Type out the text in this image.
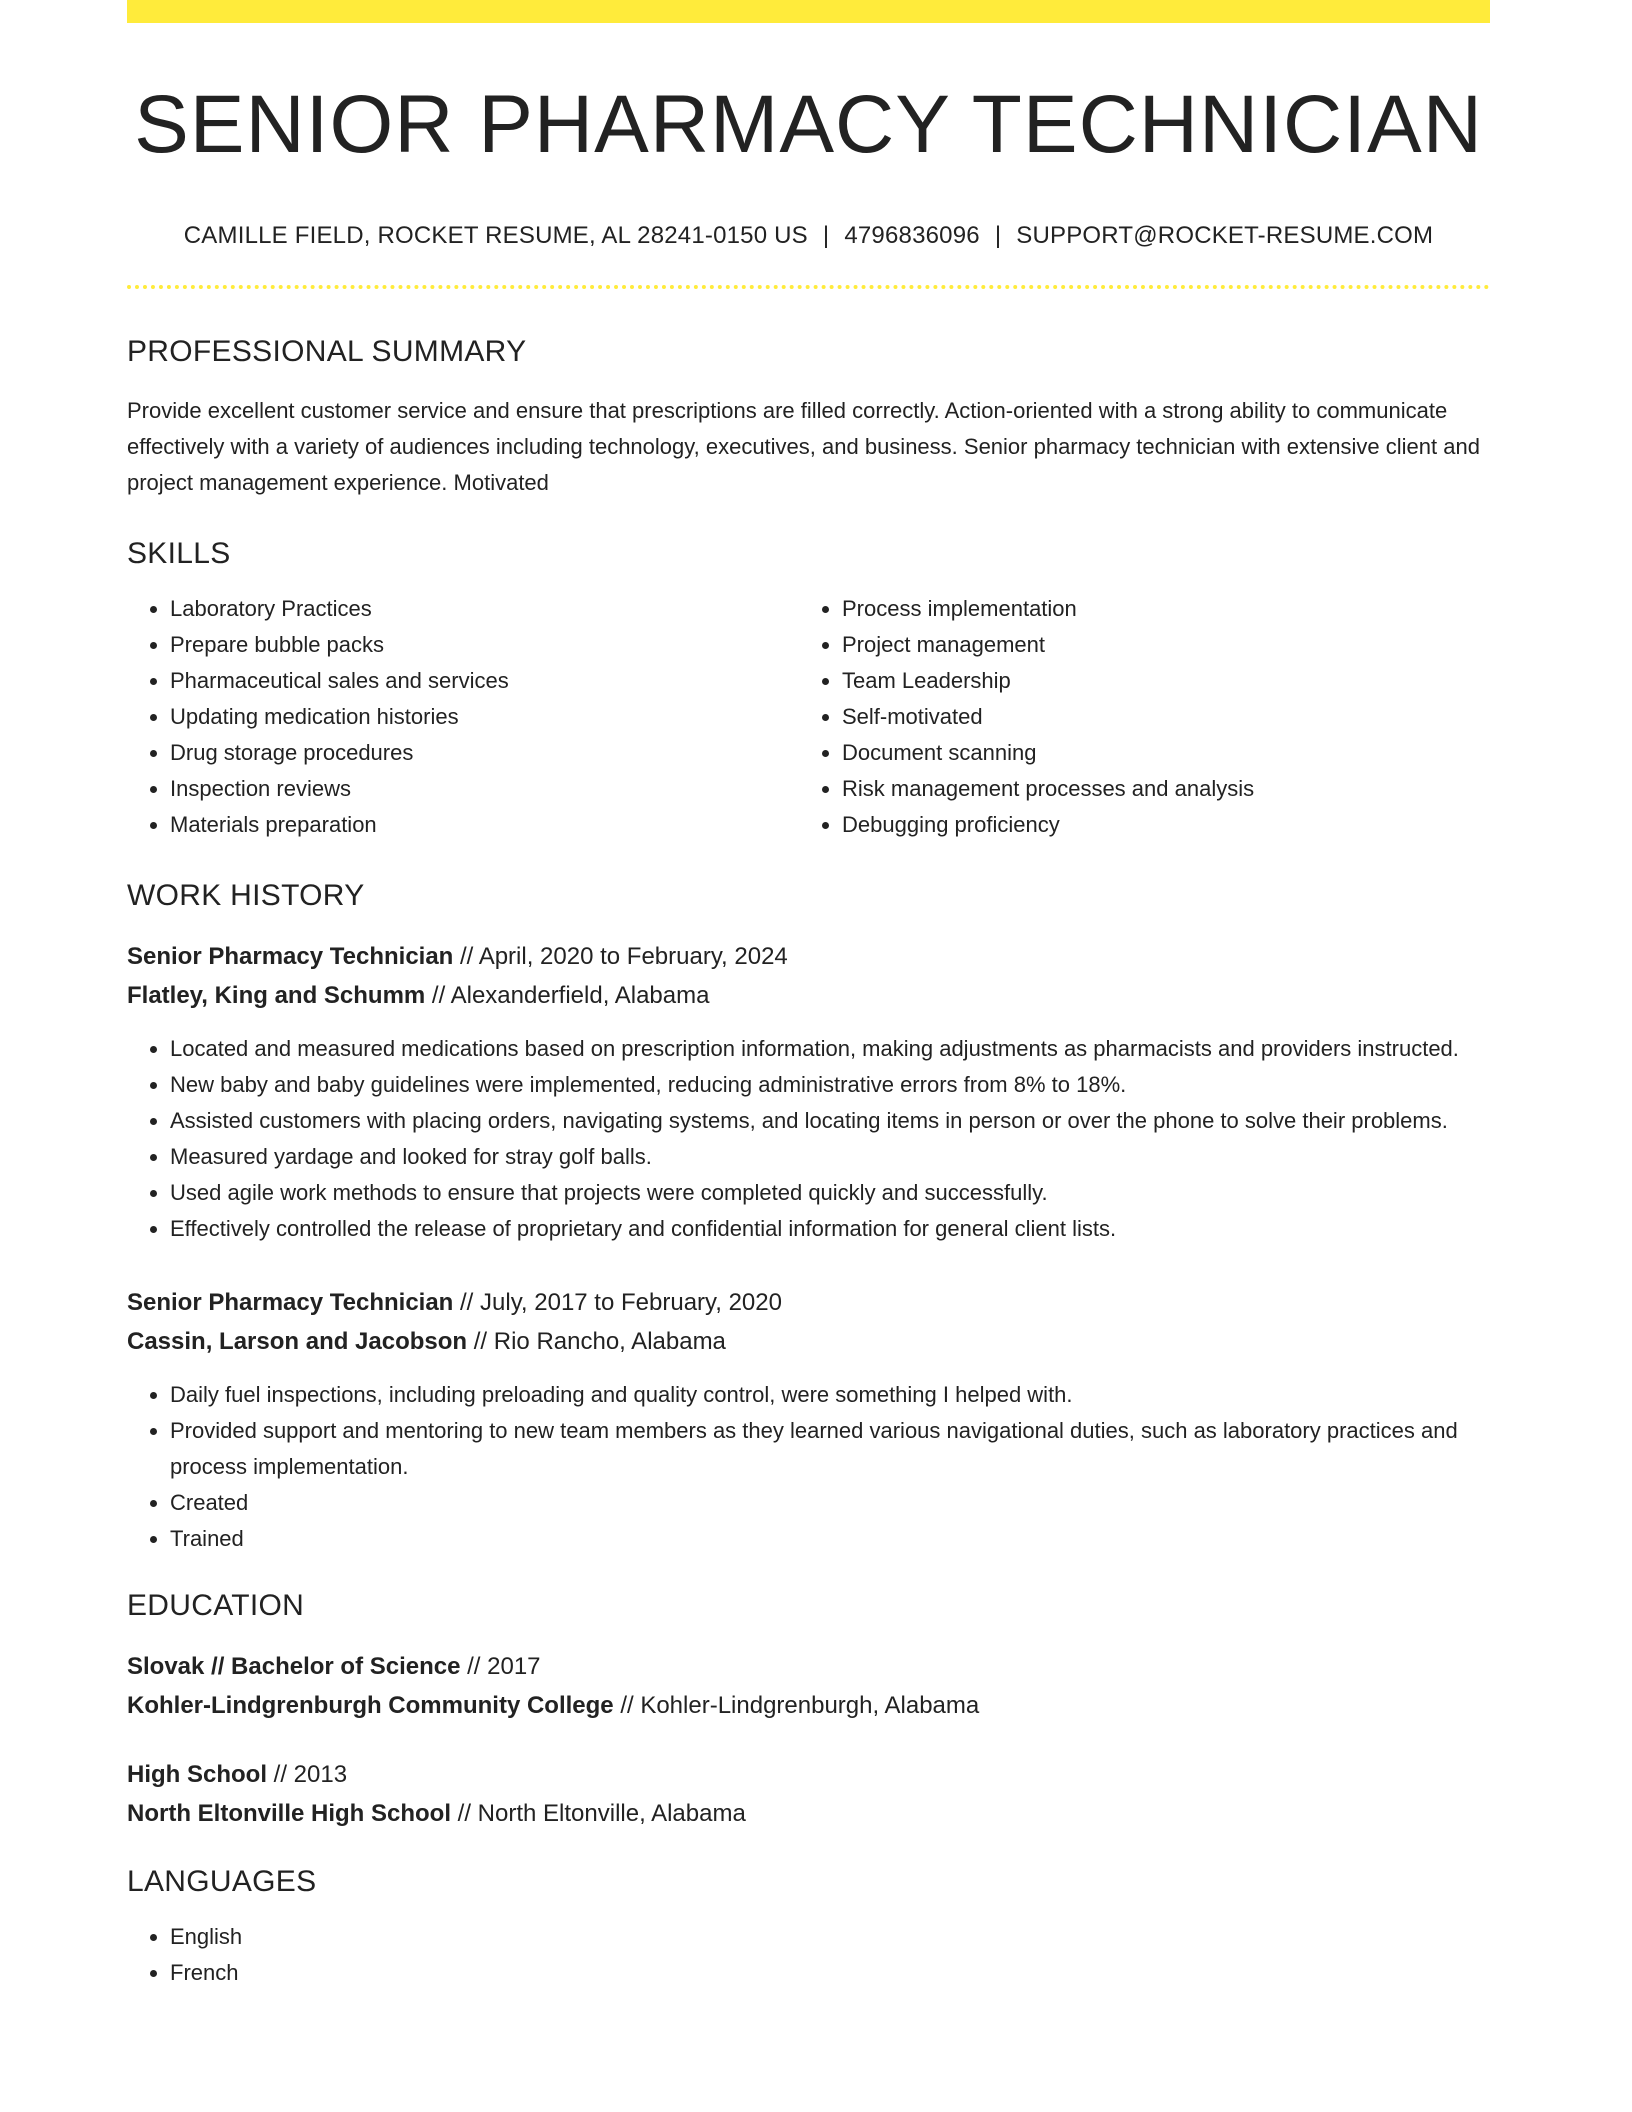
SENIOR PHARMACY TECHNICIAN
CAMILLE FIELD, ROCKET RESUME, AL 28241-0150 US | 4796836096 | SUPPORT@ROCKET-RESUME.COM
PROFESSIONAL SUMMARY
Provide excellent customer service and ensure that prescriptions are filled correctly. Action-oriented with a strong ability to communicate effectively with a variety of audiences including technology, executives, and business. Senior pharmacy technician with extensive client and project management experience. Motivated
SKILLS
• Laboratory Practices
• Prepare bubble packs
• Pharmaceutical sales and services
• Updating medication histories
• Drug storage procedures
• Inspection reviews
• Materials preparation
• Process implementation
• Project management
• Team Leadership
• Self-motivated
• Document scanning
• Risk management processes and analysis
• Debugging proficiency
WORK HISTORY
Senior Pharmacy Technician // April, 2020 to February, 2024
Flatley, King and Schumm // Alexanderfield, Alabama
• Located and measured medications based on prescription information, making adjustments as pharmacists and providers instructed.
• New baby and baby guidelines were implemented, reducing administrative errors from 8% to 18%.
• Assisted customers with placing orders, navigating systems, and locating items in person or over the phone to solve their problems.
• Measured yardage and looked for stray golf balls.
• Used agile work methods to ensure that projects were completed quickly and successfully.
• Effectively controlled the release of proprietary and confidential information for general client lists.
Senior Pharmacy Technician // July, 2017 to February, 2020
Cassin, Larson and Jacobson // Rio Rancho, Alabama
• Daily fuel inspections, including preloading and quality control, were something I helped with.
• Provided support and mentoring to new team members as they learned various navigational duties, such as laboratory practices and process implementation.
• Created
• Trained
EDUCATION
Slovak // Bachelor of Science // 2017
Kohler-Lindgrenburgh Community College // Kohler-Lindgrenburgh, Alabama
High School // 2013
North Eltonville High School // North Eltonville, Alabama
LANGUAGES
• English
• French
